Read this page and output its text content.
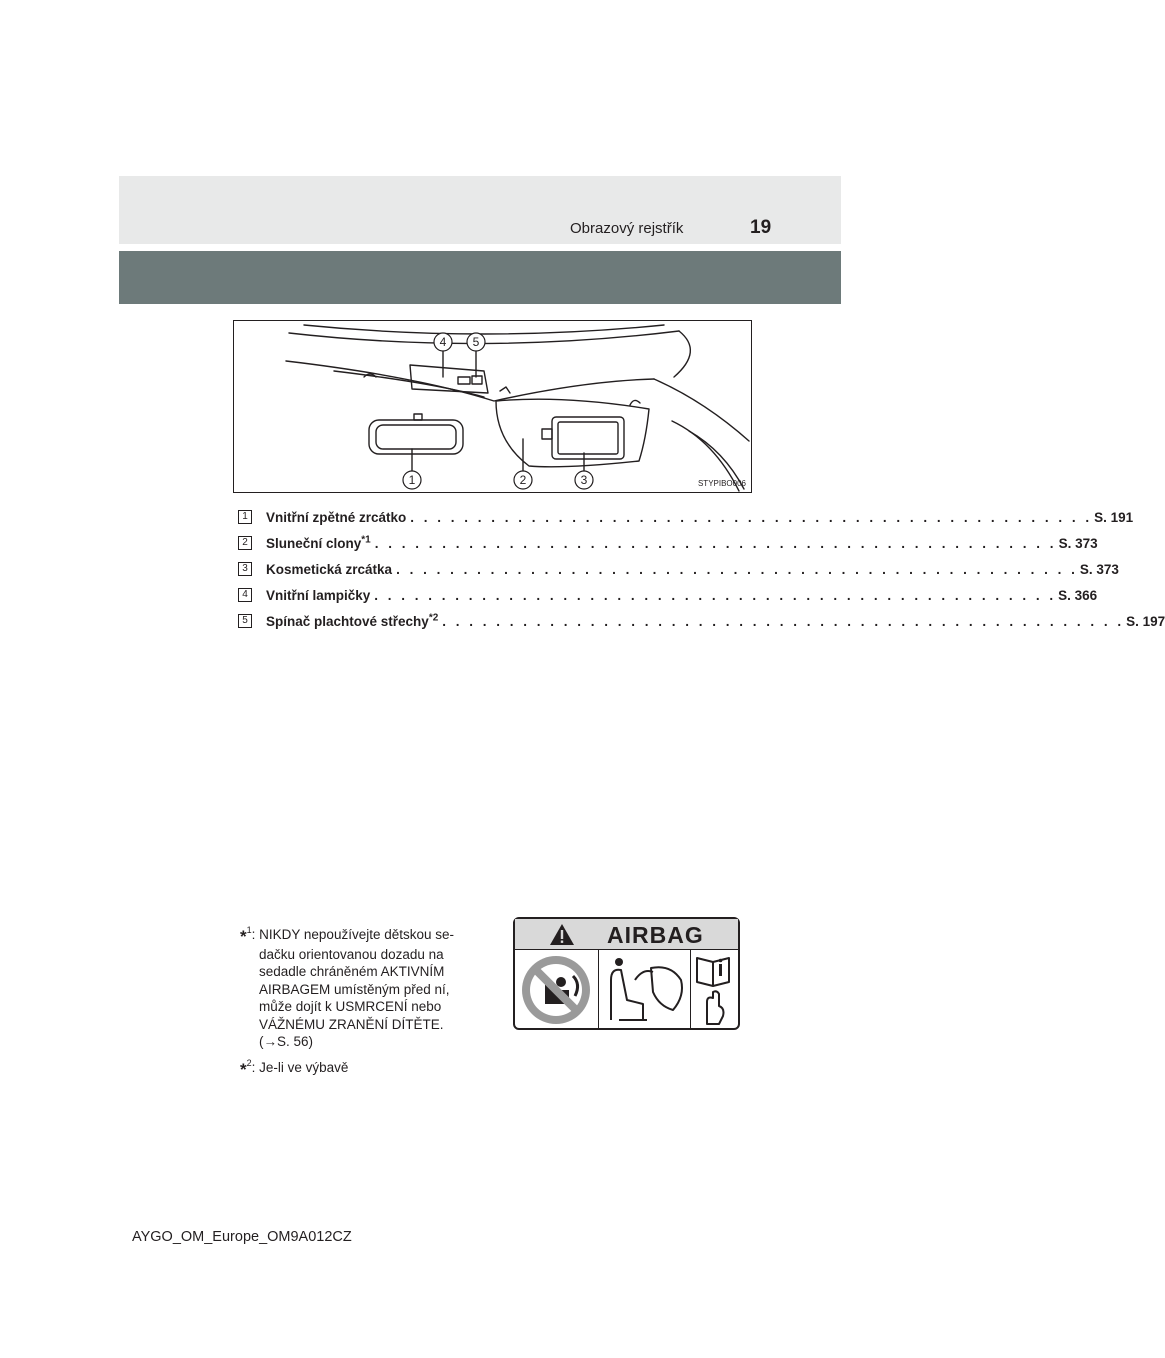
Obrazový rejstřík	19
4 5
1	2	3	STYPIBO006
1	Vnitřní zpětné zrcátko . . . . . . . . . . . . . . . . . . . . . . . . . . . . . . . . . . . . . . . . . . . . . . . . . . . S. 191
2	Sluneční clony$^{*1}$ . . . . . . . . . . . . . . . . . . . . . . . . . . . . . . . . . . . . . . . . . . . . . . . . . . . S. 373
3	Kosmetická zrcátka . . . . . . . . . . . . . . . . . . . . . . . . . . . . . . . . . . . . . . . . . . . . . . . . . . . S. 373
4	Vnitřní lampičky . . . . . . . . . . . . . . . . . . . . . . . . . . . . . . . . . . . . . . . . . . . . . . . . . . . S. 366
5	Spínač plachtové střechy$^{*2}$ . . . . . . . . . . . . . . . . . . . . . . . . . . . . . . . . . . . . . . . . . . . . . . . . . . . S. 197
*$^1$: NIKDY nepoužívejte dětskou se-
dačku orientovanou dozadu na
sedadle chráněném AKTIVNÍM
AIRBAGEM umístěným před ní,
může dojít k USMRCENÍ nebo
VÁŽNÉMU ZRANĚNÍ DÍTĚTE.
(→S. 56)
*$^2$: Je-li ve výbavě
AIRBAG
AYGO_OM_Europe_OM9A012CZ
